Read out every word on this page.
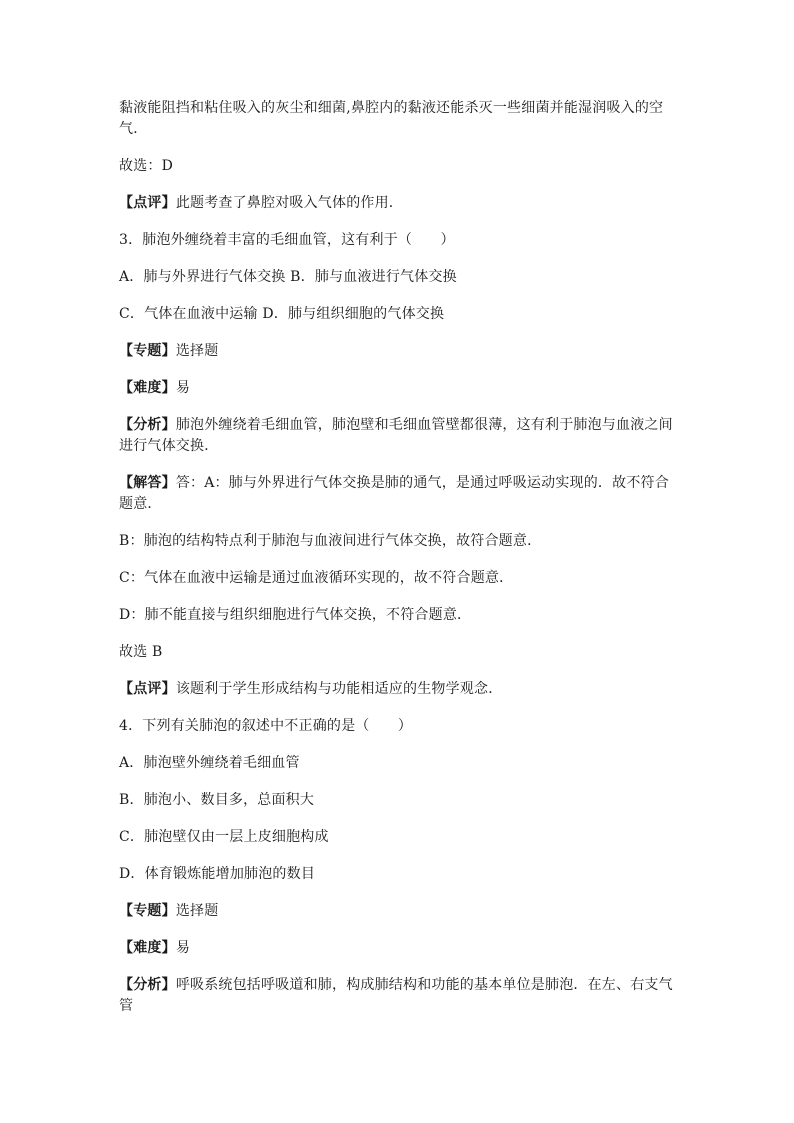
黏液能阻挡和粘住吸入的灰尘和细菌,鼻腔内的黏液还能杀灭一些细菌并能湿润吸入的空气．

故选：D

【点评】此题考查了鼻腔对吸入气体的作用．

3．肺泡外缠绕着丰富的毛细血管，这有利于（　　）

A．肺与外界进行气体交换 B．肺与血液进行气体交换

C．气体在血液中运输 D．肺与组织细胞的气体交换

【专题】选择题

【难度】易

【分析】肺泡外缠绕着毛细血管，肺泡壁和毛细血管壁都很薄，这有利于肺泡与血液之间进行气体交换．

【解答】答：A：肺与外界进行气体交换是肺的通气，是通过呼吸运动实现的．故不符合题意．

B：肺泡的结构特点利于肺泡与血液间进行气体交换，故符合题意．

C：气体在血液中运输是通过血液循环实现的，故不符合题意．

D：肺不能直接与组织细胞进行气体交换，不符合题意．

故选 B

【点评】该题利于学生形成结构与功能相适应的生物学观念．

4．下列有关肺泡的叙述中不正确的是（　　）

A．肺泡壁外缠绕着毛细血管

B．肺泡小、数目多，总面积大

C．肺泡壁仅由一层上皮细胞构成

D．体育锻炼能增加肺泡的数目

【专题】选择题

【难度】易

【分析】呼吸系统包括呼吸道和肺，构成肺结构和功能的基本单位是肺泡．在左、右支气管
